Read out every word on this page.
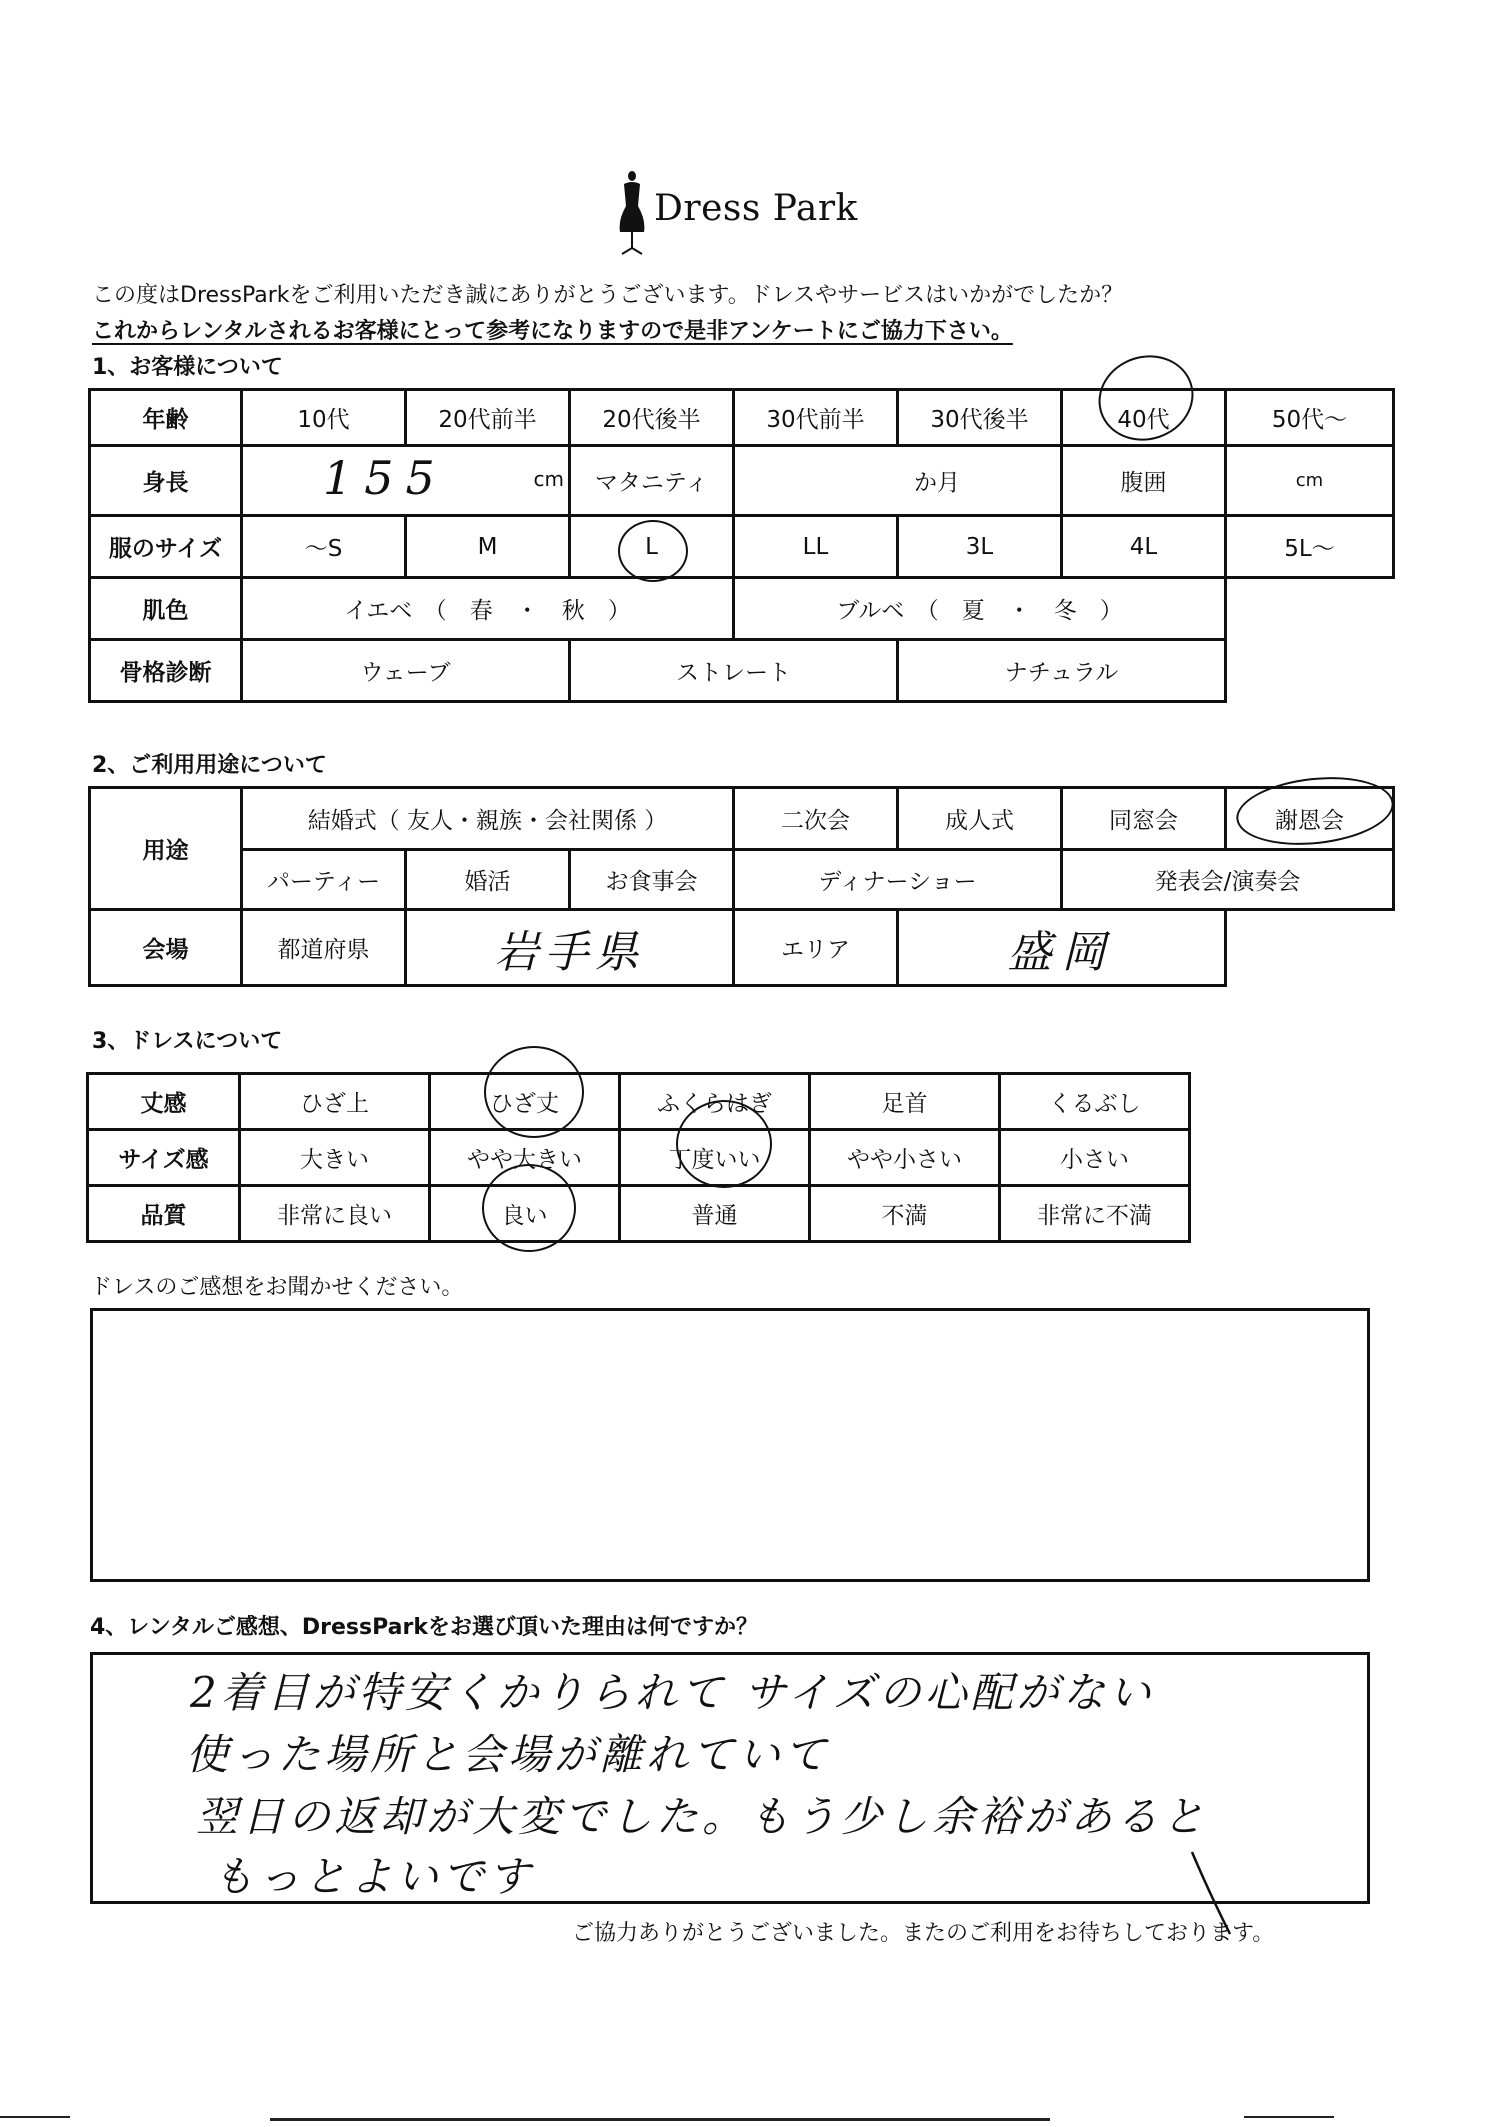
Dress Park
この度はDressParkをご利用いただき誠にありがとうございます。ドレスやサービスはいかがでしたか？
これからレンタルされるお客様にとって参考になりますので是非アンケートにご協力下さい。
1、お客様について
年齢	10代	20代前半	20代後半	30代前半	30代後半	40代	50代～
身長	155 cm		マタニティ	か月		腹囲	cm
服のサイズ	～S	M	L	LL	3L	4L	5L～
肌色	イエベ　（　春　・　秋　）			ブルベ　（　夏　・　冬　）			
骨格診断	ウェーブ		ストレート		ナチュラル		
2、ご利用用途について
用途	結婚式（ 友人・親族・会社関係 ）			二次会	成人式	同窓会	謝恩会
	パーティー	婚活	お食事会	ディナーショー		発表会/演奏会	
会場	都道府県	岩手県		エリア	盛岡		
3、ドレスについて
丈感	ひざ上	ひざ丈	ふくらはぎ	足首	くるぶし
サイズ感	大きい	やや大きい	丁度いい	やや小さい	小さい
品質	非常に良い	良い	普通	不満	非常に不満
ドレスのご感想をお聞かせください。
4、レンタルご感想、DressParkをお選び頂いた理由は何ですか？
2着目が特安くかりられて サイズの心配がない
使った場所と会場が離れていて
翌日の返却が大変でした。もう少し余裕があると
もっとよいです
ご協力ありがとうございました。またのご利用をお待ちしております。
